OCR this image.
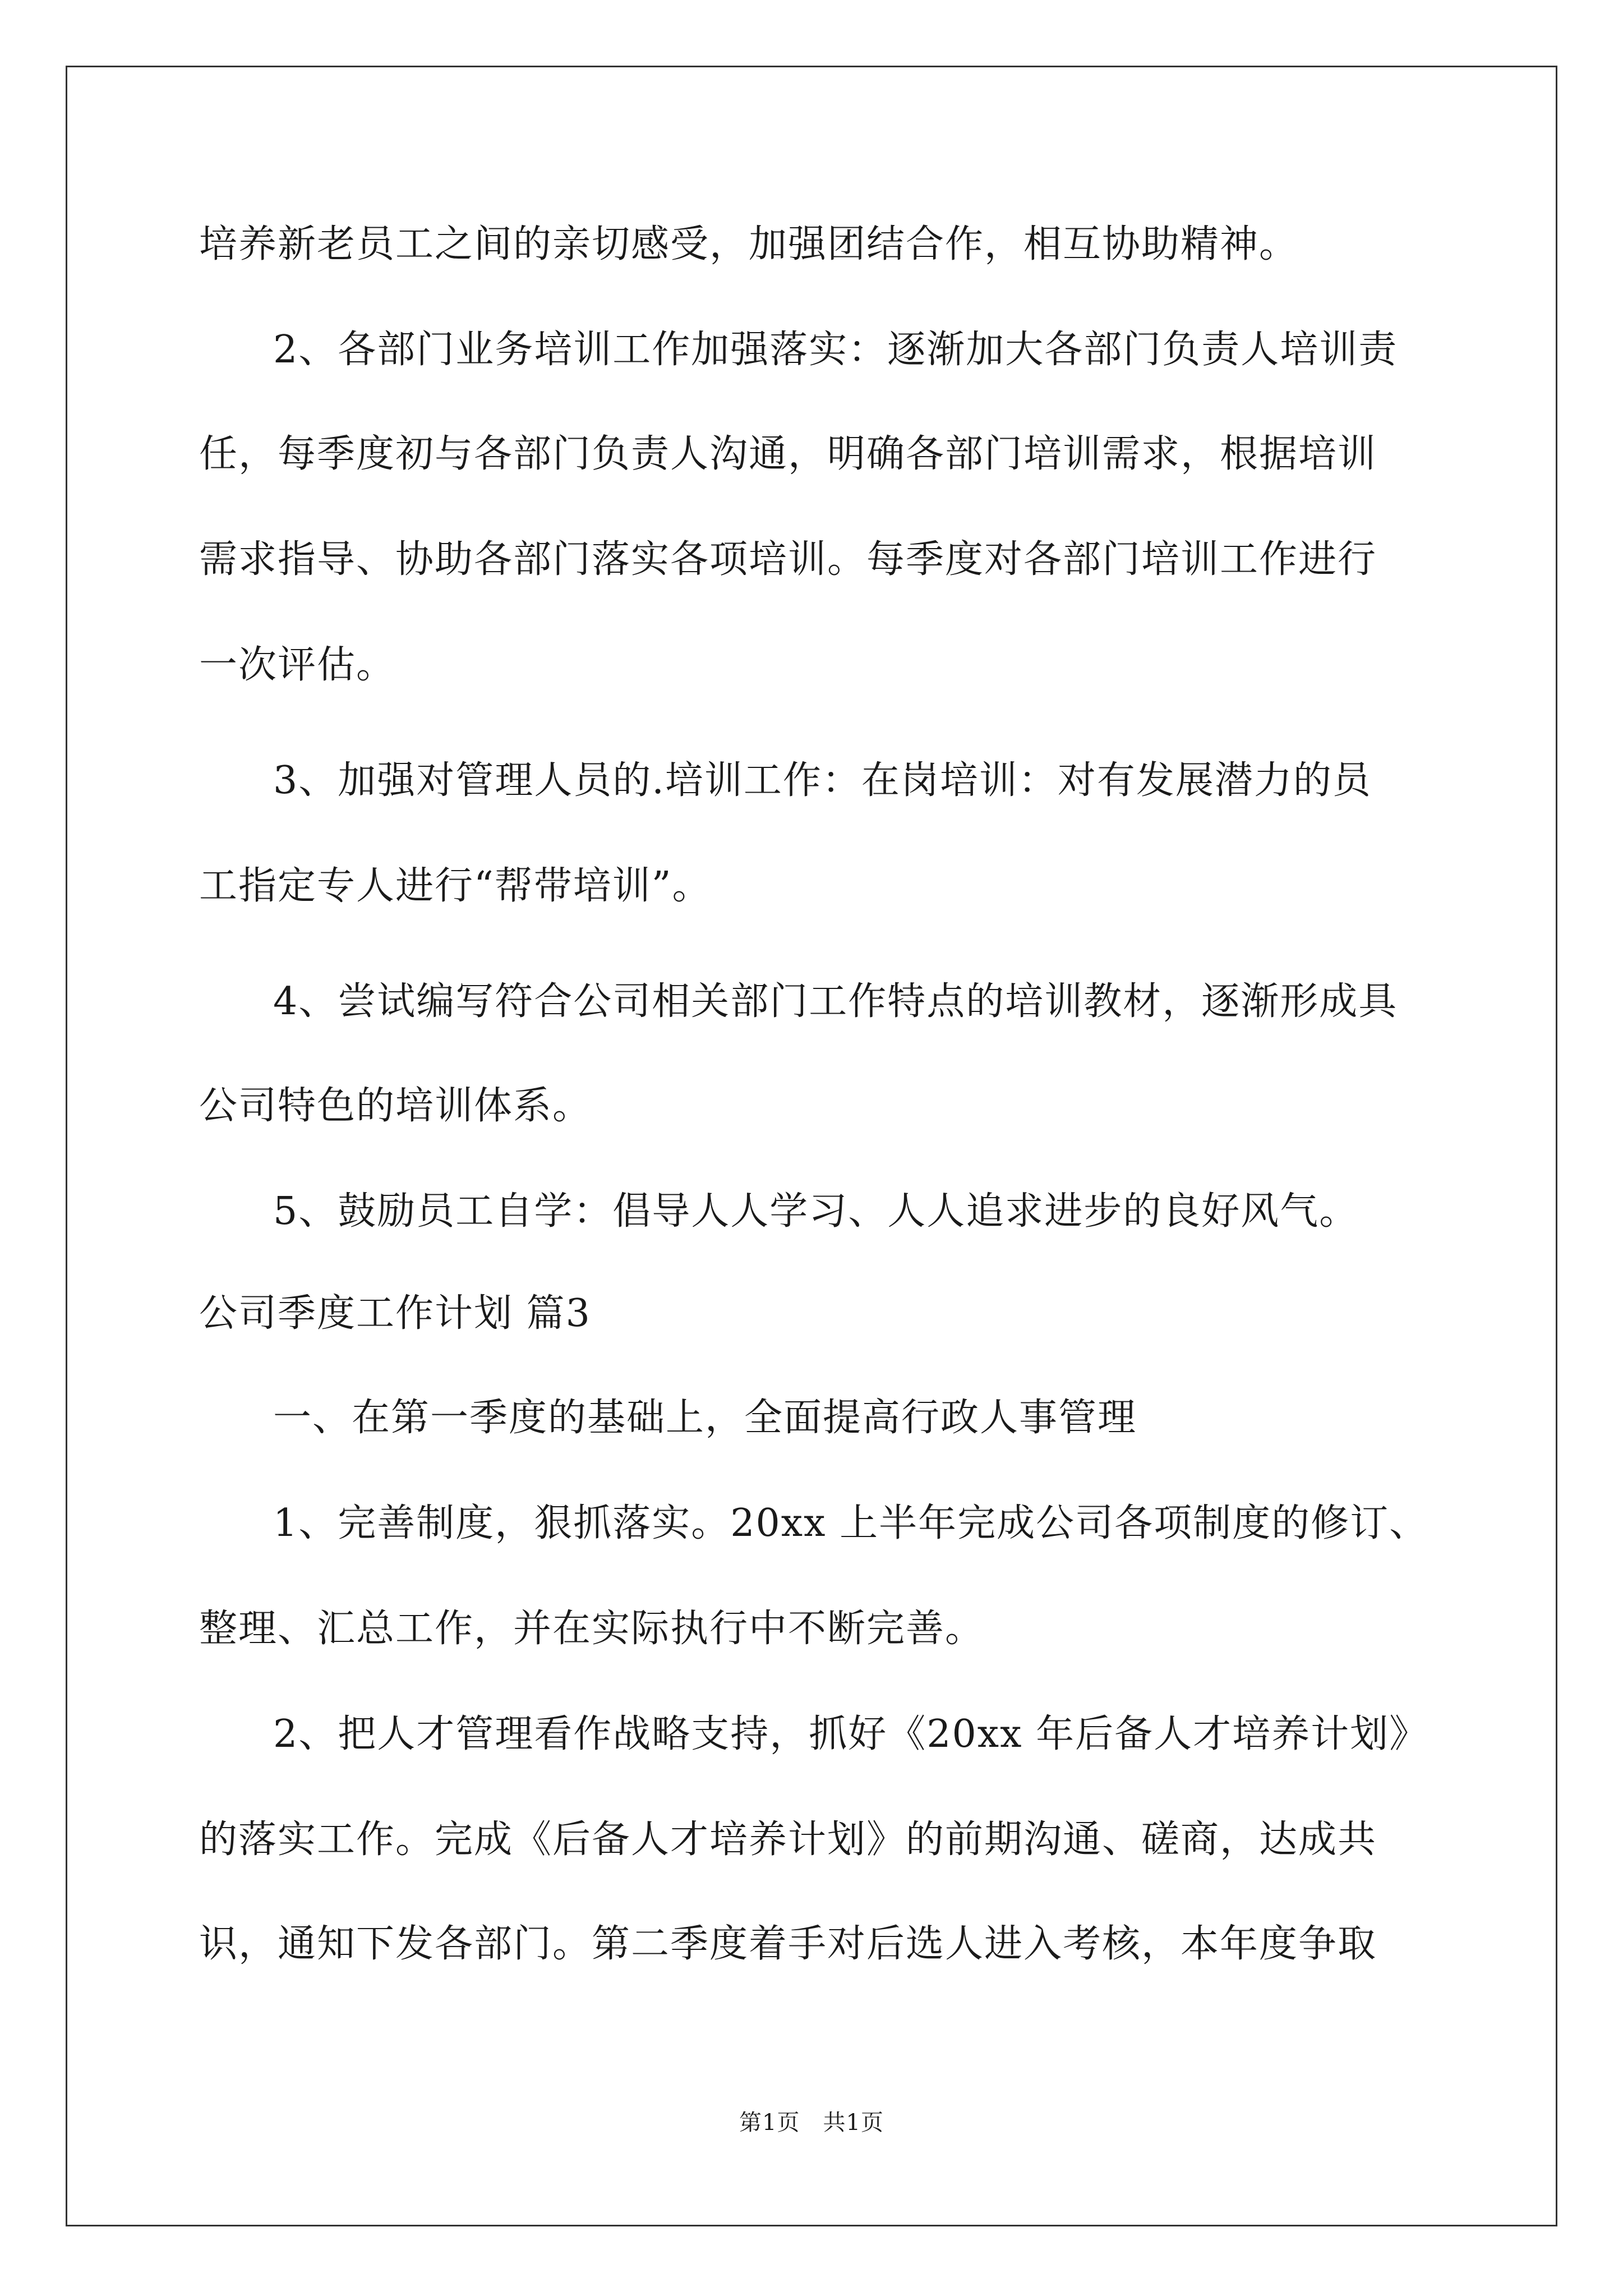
培养新老员工之间的亲切感受，加强团结合作，相互协助精神。
2、各部门业务培训工作加强落实：逐渐加大各部门负责人培训责
任，每季度初与各部门负责人沟通，明确各部门培训需求，根据培训
需求指导、协助各部门落实各项培训。每季度对各部门培训工作进行
一次评估。
3、加强对管理人员的.培训工作：在岗培训：对有发展潜力的员
工指定专人进行“帮带培训”。
4、尝试编写符合公司相关部门工作特点的培训教材，逐渐形成具
公司特色的培训体系。
5、鼓励员工自学：倡导人人学习、人人追求进步的良好风气。
公司季度工作计划 篇3
一、在第一季度的基础上，全面提高行政人事管理
1、完善制度，狠抓落实。20xx 上半年完成公司各项制度的修订、
整理、汇总工作，并在实际执行中不断完善。
2、把人才管理看作战略支持，抓好《20xx 年后备人才培养计划》
的落实工作。完成《后备人才培养计划》的前期沟通、磋商，达成共
识，通知下发各部门。第二季度着手对后选人进入考核，本年度争取
第1页　共1页
